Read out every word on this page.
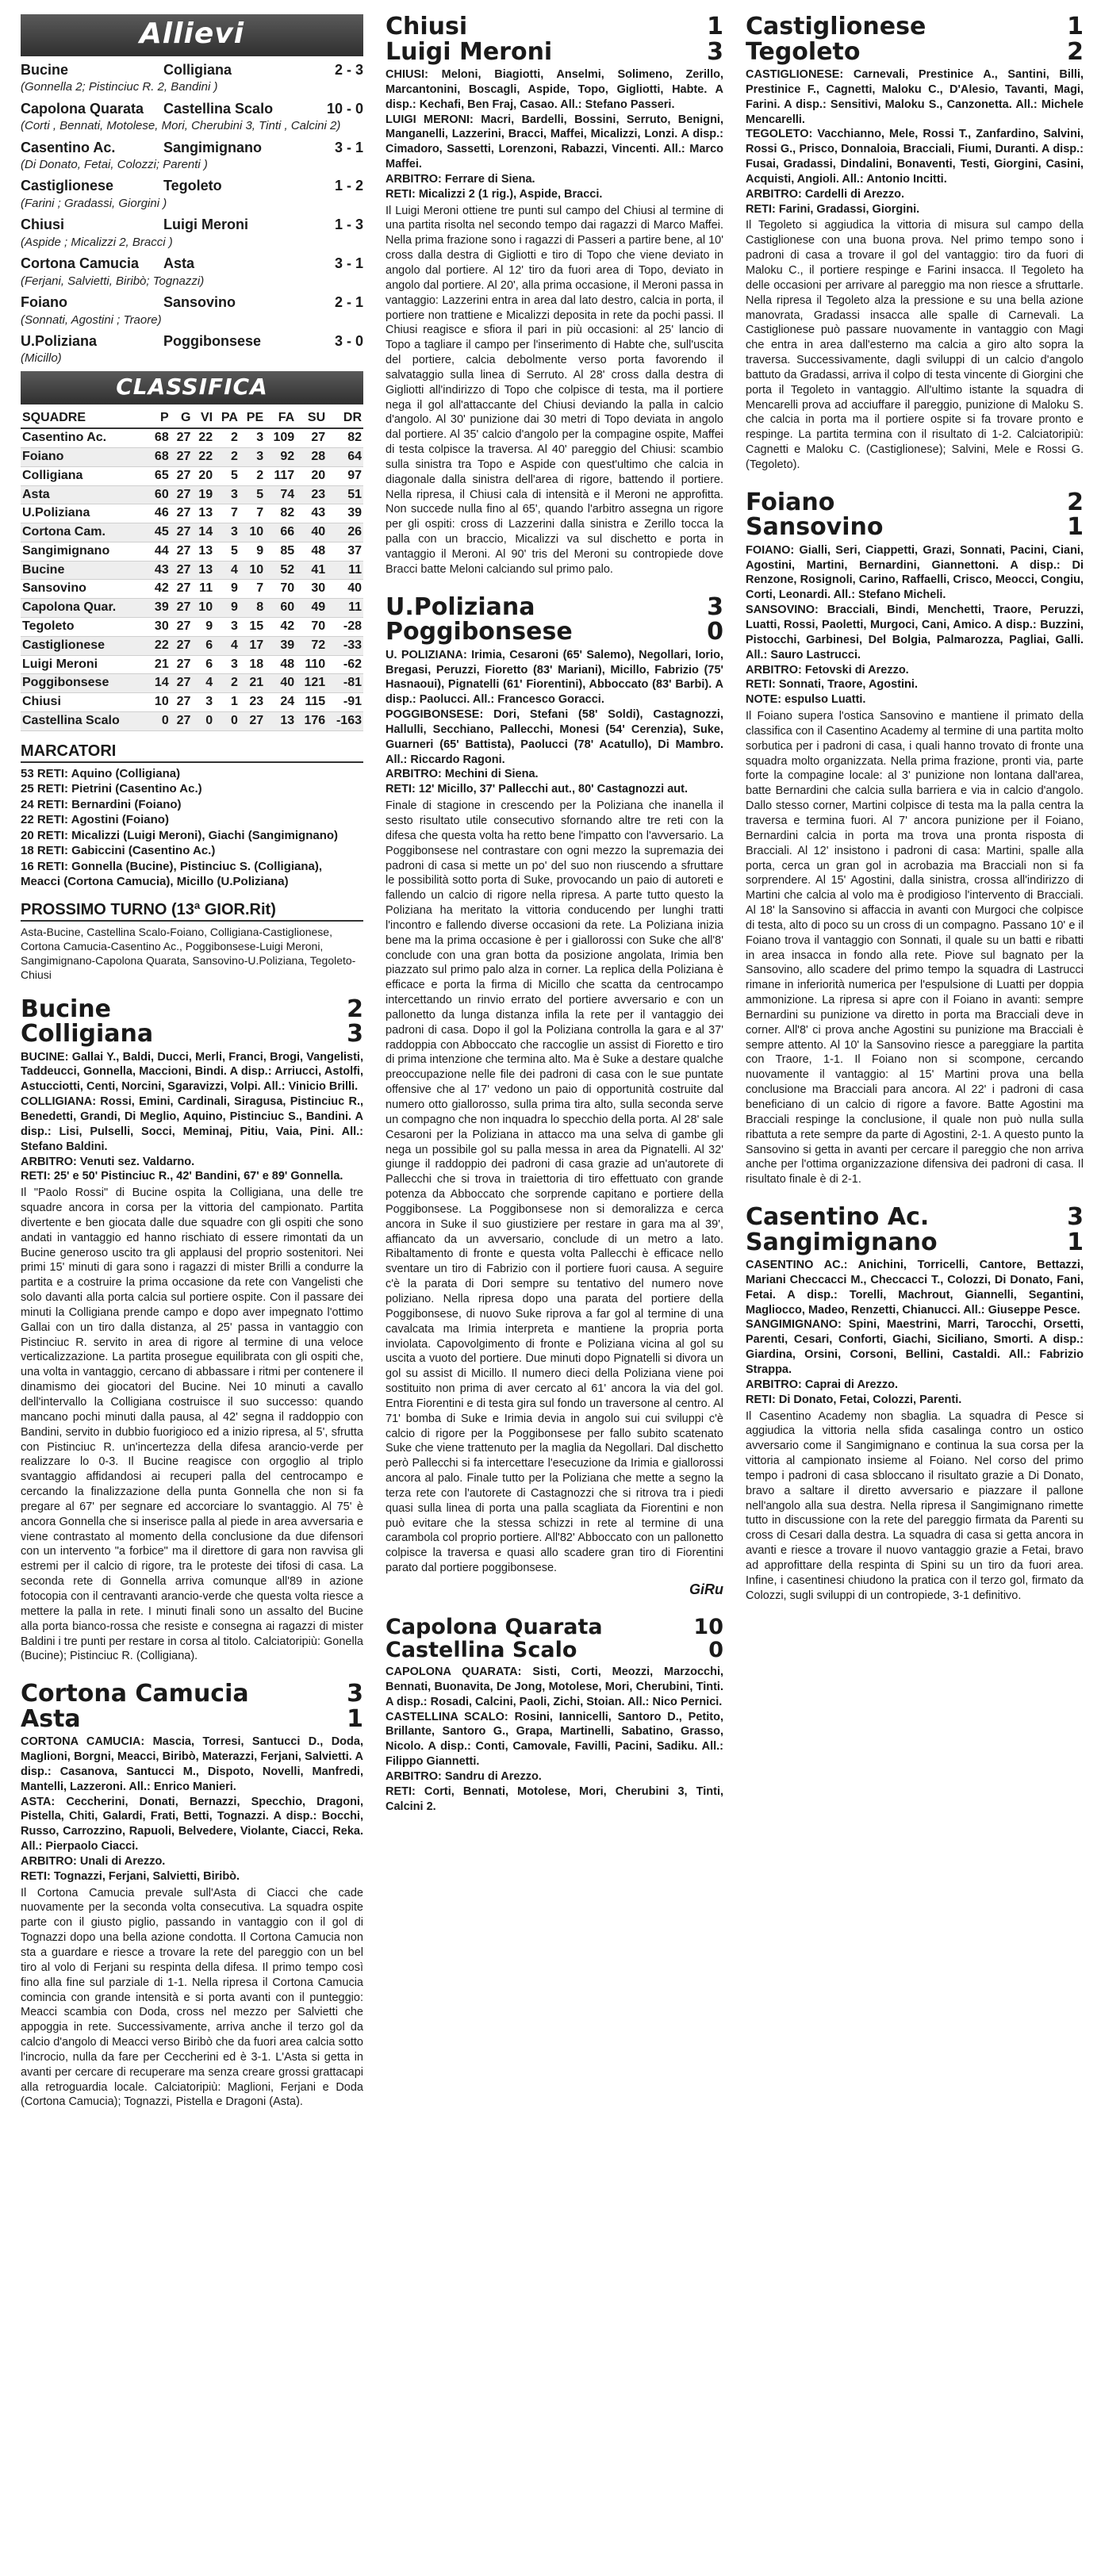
Allievi
Bucine	Colligiana	2 - 3
(Gonnella 2; Pistinciuc R. 2, Bandini )
Capolona Quarata	Castellina Scalo	10 - 0
(Corti , Bennati, Motolese, Mori, Cherubini 3, Tinti , Calcini 2)
Casentino Ac.	Sangimignano	3 - 1
(Di Donato, Fetai, Colozzi; Parenti )
Castiglionese	Tegoleto	1 - 2
(Farini ; Gradassi, Giorgini )
Chiusi	Luigi Meroni	1 - 3
(Aspide ; Micalizzi 2, Bracci )
Cortona Camucia	Asta	3 - 1
(Ferjani, Salvietti, Biribò; Tognazzi)
Foiano	Sansovino	2 - 1
(Sonnati, Agostini ; Traore)
U.Poliziana	Poggibonsese	3 - 0
(Micillo)
CLASSIFICA
SQUADRE	P	G	VI	PA	PE	FA	SU	DR
Casentino Ac.	68	27	22	2	3	109	27	82
Foiano	68	27	22	2	3	92	28	64
Colligiana	65	27	20	5	2	117	20	97
Asta	60	27	19	3	5	74	23	51
U.Poliziana	46	27	13	7	7	82	43	39
Cortona Cam.	45	27	14	3	10	66	40	26
Sangimignano	44	27	13	5	9	85	48	37
Bucine	43	27	13	4	10	52	41	11
Sansovino	42	27	11	9	7	70	30	40
Capolona Quar.	39	27	10	9	8	60	49	11
Tegoleto	30	27	9	3	15	42	70	-28
Castiglionese	22	27	6	4	17	39	72	-33
Luigi Meroni	21	27	6	3	18	48	110	-62
Poggibonsese	14	27	4	2	21	40	121	-81
Chiusi	10	27	3	1	23	24	115	-91
Castellina Scalo	0	27	0	0	27	13	176	-163
MARCATORI
53 RETI: Aquino (Colligiana)
25 RETI: Pietrini (Casentino Ac.)
24 RETI: Bernardini (Foiano)
22 RETI: Agostini (Foiano)
20 RETI: Micalizzi (Luigi Meroni), Giachi (Sangimignano)
18 RETI: Gabiccini (Casentino Ac.)
16 RETI: Gonnella (Bucine), Pistinciuc S. (Colligiana), Meacci (Cortona Camucia), Micillo (U.Poliziana)
PROSSIMO TURNO (13ª GIOR.Rit)
Asta-Bucine, Castellina Scalo-Foiano, Colligiana-Castiglionese, Cortona Camucia-Casentino Ac., Poggibonsese-Luigi Meroni, Sangimignano-Capolona Quarata, Sansovino-U.Poliziana, Tegoleto-Chiusi
Bucine	2
Colligiana	3
BUCINE: Gallai Y., Baldi, Ducci, Merli, Franci, Brogi, Vangelisti, Taddeucci, Gonnella, Maccioni, Bindi. A disp.: Arriucci, Astolfi, Astucciotti, Centi, Norcini, Sgaravizzi, Volpi. All.: Vinicio Brilli.
COLLIGIANA: Rossi, Emini, Cardinali, Siragusa, Pistinciuc R., Benedetti, Grandi, Di Meglio, Aquino, Pistinciuc S., Bandini. A disp.: Lisi, Pulselli, Socci, Meminaj, Pitiu, Vaia, Pini. All.: Stefano Baldini.
ARBITRO: Venuti sez. Valdarno.
RETI: 25' e 50' Pistinciuc R., 42' Bandini, 67' e 89' Gonnella.
Il "Paolo Rossi" di Bucine ospita la Colligiana, una delle tre squadre ancora in corsa per la vittoria del campionato. Partita divertente e ben giocata dalle due squadre con gli ospiti che sono andati in vantaggio ed hanno rischiato di essere rimontati da un Bucine generoso uscito tra gli applausi del proprio sostenitori. Nei primi 15' minuti di gara sono i ragazzi di mister Brilli a condurre la partita e a costruire la prima occasione da rete con Vangelisti che solo davanti alla porta calcia sul portiere ospite. Con il passare dei minuti la Colligiana prende campo e dopo aver impegnato l'ottimo Gallai con un tiro dalla distanza, al 25' passa in vantaggio con Pistinciuc R. servito in area di rigore al termine di una veloce verticalizzazione. La partita prosegue equilibrata con gli ospiti che, una volta in vantaggio, cercano di abbassare i ritmi per contenere il dinamismo dei giocatori del Bucine. Nei 10 minuti a cavallo dell'intervallo la Colligiana costruisce il suo successo: quando mancano pochi minuti dalla pausa, al 42' segna il raddoppio con Bandini, servito in dubbio fuorigioco ed a inizio ripresa, al 5', sfrutta con Pistinciuc R. un'incertezza della difesa arancio-verde per realizzare lo 0-3. Il Bucine reagisce con orgoglio al triplo svantaggio affidandosi ai recuperi palla del centrocampo e cercando la finalizzazione della punta Gonnella che non si fa pregare al 67' per segnare ed accorciare lo svantaggio. Al 75' è ancora Gonnella che si inserisce palla al piede in area avversaria e viene contrastato al momento della conclusione da due difensori con un intervento "a forbice" ma il direttore di gara non ravvisa gli estremi per il calcio di rigore, tra le proteste dei tifosi di casa. La seconda rete di Gonnella arriva comunque all'89 in azione fotocopia con il centravanti arancio-verde che questa volta riesce a mettere la palla in rete. I minuti finali sono un assalto del Bucine alla porta bianco-rossa che resiste e consegna ai ragazzi di mister Baldini i tre punti per restare in corsa al titolo. Calciatoripiù: Gonella (Bucine); Pistinciuc R. (Colligiana).
Cortona Camucia	3
Asta	1
CORTONA CAMUCIA: Mascia, Torresi, Santucci D., Doda, Maglioni, Borgni, Meacci, Biribò, Materazzi, Ferjani, Salvietti. A disp.: Casanova, Santucci M., Dispoto, Novelli, Manfredi, Mantelli, Lazzeroni. All.: Enrico Manieri.
ASTA: Ceccherini, Donati, Bernazzi, Specchio, Dragoni, Pistella, Chiti, Galardi, Frati, Betti, Tognazzi. A disp.: Bocchi, Russo, Carrozzino, Rapuoli, Belvedere, Violante, Ciacci, Reka. All.: Pierpaolo Ciacci.
ARBITRO: Unali di Arezzo.
RETI: Tognazzi, Ferjani, Salvietti, Biribò.
Il Cortona Camucia prevale sull'Asta di Ciacci che cade nuovamente per la seconda volta consecutiva. La squadra ospite parte con il giusto piglio, passando in vantaggio con il gol di Tognazzi dopo una bella azione condotta. Il Cortona Camucia non sta a guardare e riesce a trovare la rete del pareggio con un bel tiro al volo di Ferjani su respinta della difesa. Il primo tempo così fino alla fine sul parziale di 1-1. Nella ripresa il Cortona Camucia cominciа con grande intensità e si porta avanti con il punteggio: Meacci scambia con Doda, cross nel mezzo per Salvietti che appoggia in rete. Successivamente, arriva anche il terzo gol da calcio d'angolo di Meacci verso Biribò che da fuori area calcia sotto l'incrocio, nulla da fare per Ceccherini ed è 3-1. L'Asta si getta in avanti per cercare di recuperare ma senza creare grossi grattacapi alla retroguardia locale. Calciatoripiù: Maglioni, Ferjani e Doda (Cortona Camucia); Tognazzi, Pistella e Dragoni (Asta).
Chiusi	1
Luigi Meroni	3
CHIUSI: Meloni, Biagiotti, Anselmi, Solimeno, Zerillo, Marcantonini, Boscagli, Aspide, Topo, Gigliotti, Habte. A disp.: Kechafi, Ben Fraj, Casao. All.: Stefano Passeri.
LUIGI MERONI: Macri, Bardelli, Bossini, Serruto, Benigni, Manganelli, Lazzerini, Bracci, Maffei, Micalizzi, Lonzi. A disp.: Cimadoro, Sassetti, Lorenzoni, Rabazzi, Vincenti. All.: Marco Maffei.
ARBITRO: Ferrare di Siena.
RETI: Micalizzi 2 (1 rig.), Aspide, Bracci.
Il Luigi Meroni ottiene tre punti sul campo del Chiusi al termine di una partita risolta nel secondo tempo dai ragazzi di Marco Maffei. Nella prima frazione sono i ragazzi di Passeri a partire bene, al 10' cross dalla destra di Gigliotti e tiro di Topo che viene deviato in angolo dal portiere. Al 12' tiro da fuori area di Topo, deviato in angolo dal portiere. Al 20', alla prima occasione, il Meroni passa in vantaggio: Lazzerini entra in area dal lato destro, calcia in porta, il portiere non trattiene e Micalizzi deposita in rete da pochi passi. Il Chiusi reagisce e sfiora il pari in più occasioni: al 25' lancio di Topo a tagliare il campo per l'inserimento di Habte che, sull'uscita del portiere, calcia debolmente verso porta favorendo il salvataggio sulla linea di Serruto. Al 28' cross dalla destra di Gigliotti all'indirizzo di Topo che colpisce di testa, ma il portiere nega il gol all'attaccante del Chiusi deviando la palla in calcio d'angolo. Al 30' punizione dai 30 metri di Topo deviata in angolo dal portiere. Al 35' calcio d'angolo per la compagine ospite, Maffei di testa colpisce la traversa. Al 40' pareggio del Chiusi: scambio sulla sinistra tra Topo e Aspide con quest'ultimo che calcia in diagonale dalla sinistra dell'area di rigore, battendo il portiere. Nella ripresa, il Chiusi cala di intensità e il Meroni ne approfitta. Non succede nulla fino al 65', quando l'arbitro assegna un rigore per gli ospiti: cross di Lazzerini dalla sinistra e Zerillo tocca la palla con un braccio, Micalizzi va sul dischetto e porta in vantaggio il Meroni. Al 90' tris del Meroni su contropiede dove Bracci batte Meloni calciando sul primo palo.
U.Poliziana	3
Poggibonsese	0
U. POLIZIANA: Irimia, Cesaroni (65' Salemo), Negollari, Iorio, Bregasi, Peruzzi, Fioretto (83' Mariani), Micillo, Fabrizio (75' Hasnaoui), Pignatelli (61' Fiorentini), Abboccato (83' Barbi). A disp.: Paolucci. All.: Francesco Goracci.
POGGIBONSESE: Dori, Stefani (58' Soldi), Castagnozzi, Hallulli, Secchiano, Pallecchi, Monesi (54' Cerenzia), Suke, Guarneri (65' Battista), Paolucci (78' Acatullo), Di Mambro. All.: Riccardo Ragoni.
ARBITRO: Mechini di Siena.
RETI: 12' Micillo, 37' Pallecchi aut., 80' Castagnozzi aut.
Finale di stagione in crescendo per la Poliziana che inanella il sesto risultato utile consecutivo sfornando altre tre reti con la difesa che questa volta ha retto bene l'impatto con l'avversario. La Poggibonsese nel contrastare con ogni mezzo la supremazia dei padroni di casa si mette un po' del suo non riuscendo a sfruttare le possibilità sotto porta di Suke, provocando un paio di autoreti e fallendo un calcio di rigore nella ripresa. A parte tutto questo la Poliziana ha meritato la vittoria conducendo per lunghi tratti l'incontro e fallendo diverse occasioni da rete. La Poliziana inizia bene ma la prima occasione è per i giallorossi con Suke che all'8' conclude con una gran botta da posizione angolata, Irimia ben piazzato sul primo palo alza in corner. La replica della Poliziana è efficace e porta la firma di Micillo che scatta da centrocampo intercettando un rinvio errato del portiere avversario e con un pallonetto da lunga distanza infila la rete per il vantaggio dei padroni di casa. Dopo il gol la Poliziana controlla la gara e al 37' raddoppia con Abboccato che raccoglie un assist di Fioretto e tiro di prima intenzione che termina alto. Ma è Suke a destare qualche preoccupazione nelle file dei padroni di casa con le sue puntate offensive che al 17' vedono un paio di opportunità costruite dal numero otto giallorosso, sulla prima tira alto, sulla seconda serve un compagno che non inquadra lo specchio della porta. Al 28' sale Cesaroni per la Poliziana in attacco ma una selva di gambe gli nega un possibile gol su palla messa in area da Pignatelli. Al 32' giunge il raddoppio dei padroni di casa grazie ad un'autorete di Pallecchi che si trova in traiettoria di tiro effettuato con grande potenza da Abboccato che sorprende capitano e portiere della Poggibonsese. La Poggibonsese non si demoralizza e cerca ancora in Suke il suo giustiziere per restare in gara ma al 39', affiancato da un avversario, conclude di un metro a lato. Ribaltamento di fronte e questa volta Pallecchi è efficace nello sventare un tiro di Fabrizio con il portiere fuori causa. A seguire c'è la parata di Dori sempre su tentativo del numero nove poliziano. Nella ripresa dopo una parata del portiere della Poggibonsese, di nuovo Suke riprova a far gol al termine di una cavalcata ma Irimia interpreta e mantiene la propria porta inviolata. Capovolgimento di fronte e Poliziana vicina al gol su uscita a vuoto del portiere. Due minuti dopo Pignatelli si divora un gol su assist di Micillo. Il numero dieci della Poliziana viene poi sostituito non prima di aver cercato al 61' ancora la via del gol. Entra Fiorentini e di testa gira sul fondo un traversone al centro. Al 71' bomba di Suke e Irimia devia in angolo sui cui sviluppi c'è calcio di rigore per la Poggibonsese per fallo subito scatenato Suke che viene trattenuto per la maglia da Negollari. Dal dischetto però Pallecchi si fa intercettare l'esecuzione da Irimia e giallorossi ancora al palo. Finale tutto per la Poliziana che mette a segno la terza rete con l'autorete di Castagnozzi che si ritrova tra i piedi quasi sulla linea di porta una palla scagliata da Fiorentini e non può evitare che la stessa schizzi in rete al termine di una carambola col proprio portiere. All'82' Abboccato con un pallonetto colpisce la traversa e quasi allo scadere gran tiro di Fiorentini parato dal portiere poggibonsese.
GiRu
Capolona Quarata	10
Castellina Scalo	0
CAPOLONA QUARATA: Sisti, Corti, Meozzi, Marzocchi, Bennati, Buonavita, De Jong, Motolese, Mori, Cherubini, Tinti. A disp.: Rosadi, Calcini, Paoli, Zichi, Stoian. All.: Nico Pernici.
CASTELLINA SCALO: Rosini, Iannicelli, Santoro D., Petito, Brillante, Santoro G., Grapa, Martinelli, Sabatino, Grasso, Nicolo. A disp.: Conti, Camovale, Favilli, Pacini, Sadiku. All.: Filippo Giannetti.
ARBITRO: Sandru di Arezzo.
RETI: Corti, Bennati, Motolese, Mori, Cherubini 3, Tinti, Calcini 2.
Castiglionese	1
Tegoleto	2
CASTIGLIONESE: Carnevali, Prestinice A., Santini, Billi, Prestinice F., Cagnetti, Maloku C., D'Alesio, Tavanti, Magi, Farini. A disp.: Sensitivi, Maloku S., Canzonetta. All.: Michele Mencarelli.
TEGOLETO: Vacchianno, Mele, Rossi T., Zanfardino, Salvini, Rossi G., Prisco, Donnaloia, Bracciali, Fiumi, Duranti. A disp.: Fusai, Gradassi, Dindalini, Bonaventi, Testi, Giorgini, Casini, Acquisti, Angioli. All.: Antonio Incitti.
ARBITRO: Cardelli di Arezzo.
RETI: Farini, Gradassi, Giorgini.
Il Tegoleto si aggiudica la vittoria di misura sul campo della Castiglionese con una buona prova. Nel primo tempo sono i padroni di casa a trovare il gol del vantaggio: tiro da fuori di Maloku C., il portiere respinge e Farini insacca. Il Tegoleto ha delle occasioni per arrivare al pareggio ma non riesce a sfruttarle. Nella ripresa il Tegoleto alza la pressione e su una bella azione manovrata, Gradassi insacca alle spalle di Carnevali. La Castiglionese può passare nuovamente in vantaggio con Magi che entra in area dall'esterno ma calcia a giro alto sopra la traversa. Successivamente, dagli sviluppi di un calcio d'angolo battuto da Gradassi, arriva il colpo di testa vincente di Giorgini che porta il Tegoleto in vantaggio. All'ultimo istante la squadra di Mencarelli prova ad acciuffare il pareggio, punizione di Maloku S. che calcia in porta ma il portiere ospite si fa trovare pronto e respinge. La partita termina con il risultato di 1-2. Calciatoripiù: Cagnetti e Maloku C. (Castiglionese); Salvini, Mele e Rossi G. (Tegoleto).
Foiano	2
Sansovino	1
FOIANO: Gialli, Seri, Ciappetti, Grazi, Sonnati, Pacini, Ciani, Agostini, Martini, Bernardini, Giannettoni. A disp.: Di Renzone, Rosignoli, Carino, Raffaelli, Crisco, Meocci, Congiu, Corti, Leonardi. All.: Stefano Micheli.
SANSOVINO: Bracciali, Bindi, Menchetti, Traore, Peruzzi, Luatti, Rossi, Paoletti, Murgoci, Cani, Amico. A disp.: Buzzini, Pistocchi, Garbinesi, Del Bolgia, Palmarozza, Pagliai, Galli. All.: Sauro Lastrucci.
ARBITRO: Fetovski di Arezzo.
RETI: Sonnati, Traore, Agostini.
NOTE: espulso Luatti.
Il Foiano supera l'ostica Sansovino e mantiene il primato della classifica con il Casentino Academy al termine di una partita molto sorbutica per i padroni di casa, i quali hanno trovato di fronte una squadra molto organizzata. Nella prima frazione, pronti via, parte forte la compagine locale: al 3' punizione non lontana dall'area, batte Bernardini che calcia sulla barriera e via in calcio d'angolo. Dallo stesso corner, Martini colpisce di testa ma la palla centra la traversa e termina fuori. Al 7' ancora punizione per il Foiano, Bernardini calcia in porta ma trova una pronta risposta di Bracciali. Al 12' insistono i padroni di casa: Martini, spalle alla porta, cerca un gran gol in acrobazia ma Bracciali non si fa sorprendere. Al 15' Agostini, dalla sinistra, crossa all'indirizzo di Martini che calcia al volo ma è prodigioso l'intervento di Bracciali. Al 18' la Sansovino si affaccia in avanti con Murgoci che colpisce di testa, alto di poco su un cross di un compagno. Passano 10' e il Foiano trova il vantaggio con Sonnati, il quale su un batti e ribatti in area insacca in fondo alla rete. Piove sul bagnato per la Sansovino, allo scadere del primo tempo la squadra di Lastrucci rimane in inferiorità numerica per l'espulsione di Luatti per doppia ammonizione. La ripresa si apre con il Foiano in avanti: sempre Bernardini su punizione va diretto in porta ma Bracciali deve in corner. All'8' ci prova anche Agostini su punizione ma Bracciali è sempre attento. Al 10' la Sansovino riesce a pareggiare la partita con Traore, 1-1. Il Foiano non si scompone, cercando nuovamente il vantaggio: al 15' Martini prova una bella conclusione ma Bracciali para ancora. Al 22' i padroni di casa beneficiano di un calcio di rigore a favore. Batte Agostini ma Bracciali respinge la conclusione, il quale non può nulla sulla ribattuta a rete sempre da parte di Agostini, 2-1. A questo punto la Sansovino si getta in avanti per cercare il pareggio che non arriva anche per l'ottima organizzazione difensiva dei padroni di casa. Il risultato finale è di 2-1.
Casentino Ac.	3
Sangimignano	1
CASENTINO AC.: Anichini, Torricelli, Cantore, Bettazzi, Mariani Checcacci M., Checcacci T., Colozzi, Di Donato, Fani, Fetai. A disp.: Torelli, Machrout, Giannelli, Segantini, Magliocco, Madeo, Renzetti, Chianucci. All.: Giuseppe Pesce.
SANGIMIGNANO: Spini, Maestrini, Marri, Tarocchi, Orsetti, Parenti, Cesari, Conforti, Giachi, Siciliano, Smorti. A disp.: Giardina, Orsini, Corsoni, Bellini, Castaldi. All.: Fabrizio Strappa.
ARBITRO: Caprai di Arezzo.
RETI: Di Donato, Fetai, Colozzi, Parenti.
Il Casentino Academy non sbaglia. La squadra di Pesce si aggiudica la vittoria nella sfida casalinga contro un ostico avversario come il Sangimignano e continua la sua corsa per la vittoria al campionato insieme al Foiano. Nel corso del primo tempo i padroni di casa sbloccano il risultato grazie a Di Donato, bravo a saltare il diretto avversario e piazzare il pallone nell'angolo alla sua destra. Nella ripresa il Sangimignano rimette tutto in discussione con la rete del pareggio firmata da Parenti su cross di Cesari dalla destra. La squadra di casa si getta ancora in avanti e riesce a trovare il nuovo vantaggio grazie a Fetai, bravo ad approfittare della respinta di Spini su un tiro da fuori area. Infine, i casentinesi chiudono la pratica con il terzo gol, firmato da Colozzi, sugli sviluppi di un contropiede, 3-1 definitivo.
